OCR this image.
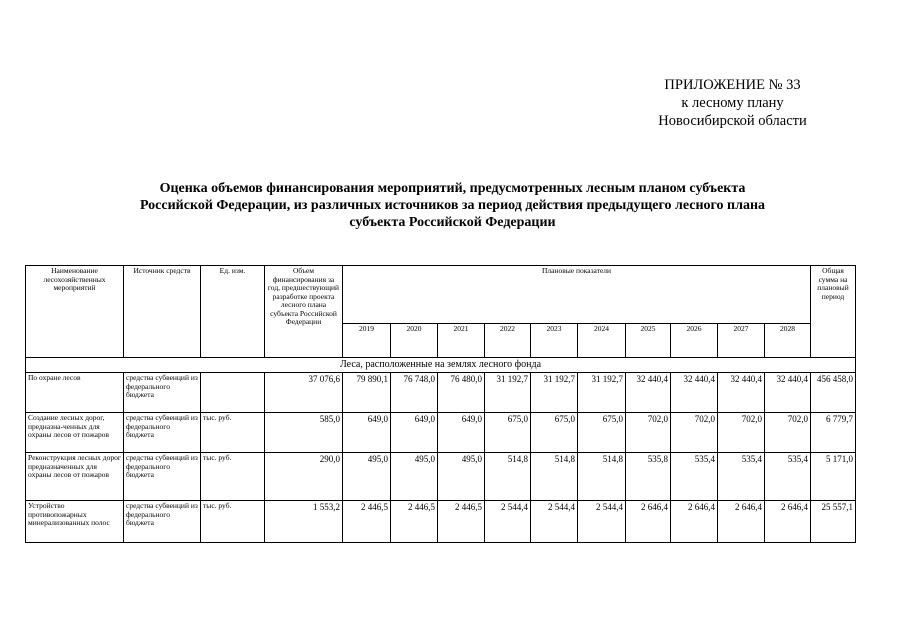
ПРИЛОЖЕНИЕ № 33
к лесному плану
Новосибирской области
Оценка объемов финансирования мероприятий, предусмотренных лесным планом субъекта
Российской Федерации, из различных источников за период действия предыдущего лесного плана
субъекта Российской Федерации
Наименование лесохозяйственных мероприятий	Источник средств	Ед. изм.	Объем финансирования за год, предшествующий разработке проекта лесного плана субъекта Российской Федерации	Плановые показатели										Общая сумма на плановый период
				2019	2020	2021	2022	2023	2024	2025	2026	2027	2028	
Леса, расположенные на землях лесного фонда														
По охране лесов	средства субвенций из федерального бюджета		37 076,6	79 890,1	76 748,0	76 480,0	31 192,7	31 192,7	31 192,7	32 440,4	32 440,4	32 440,4	32 440,4	456 458,0
Создание лесных дорог, предназна-ченных для охраны лесов от пожаров	средства субвенций из федерального бюджета	тыс. руб.	585,0	649,0	649,0	649,0	675,0	675,0	675,0	702,0	702,0	702,0	702,0	6 779,7
Реконструкция лесных дорог предназначенных для охраны лесов от пожаров	средства субвенций из федерального бюджета	тыс. руб.	290,0	495,0	495,0	495,0	514,8	514,8	514,8	535,8	535,4	535,4	535,4	5 171,0
Устройство противопожарных минерализованных полос	средства субвенций из федерального бюджета	тыс. руб.	1 553,2	2 446,5	2 446,5	2 446,5	2 544,4	2 544,4	2 544,4	2 646,4	2 646,4	2 646,4	2 646,4	25 557,1
